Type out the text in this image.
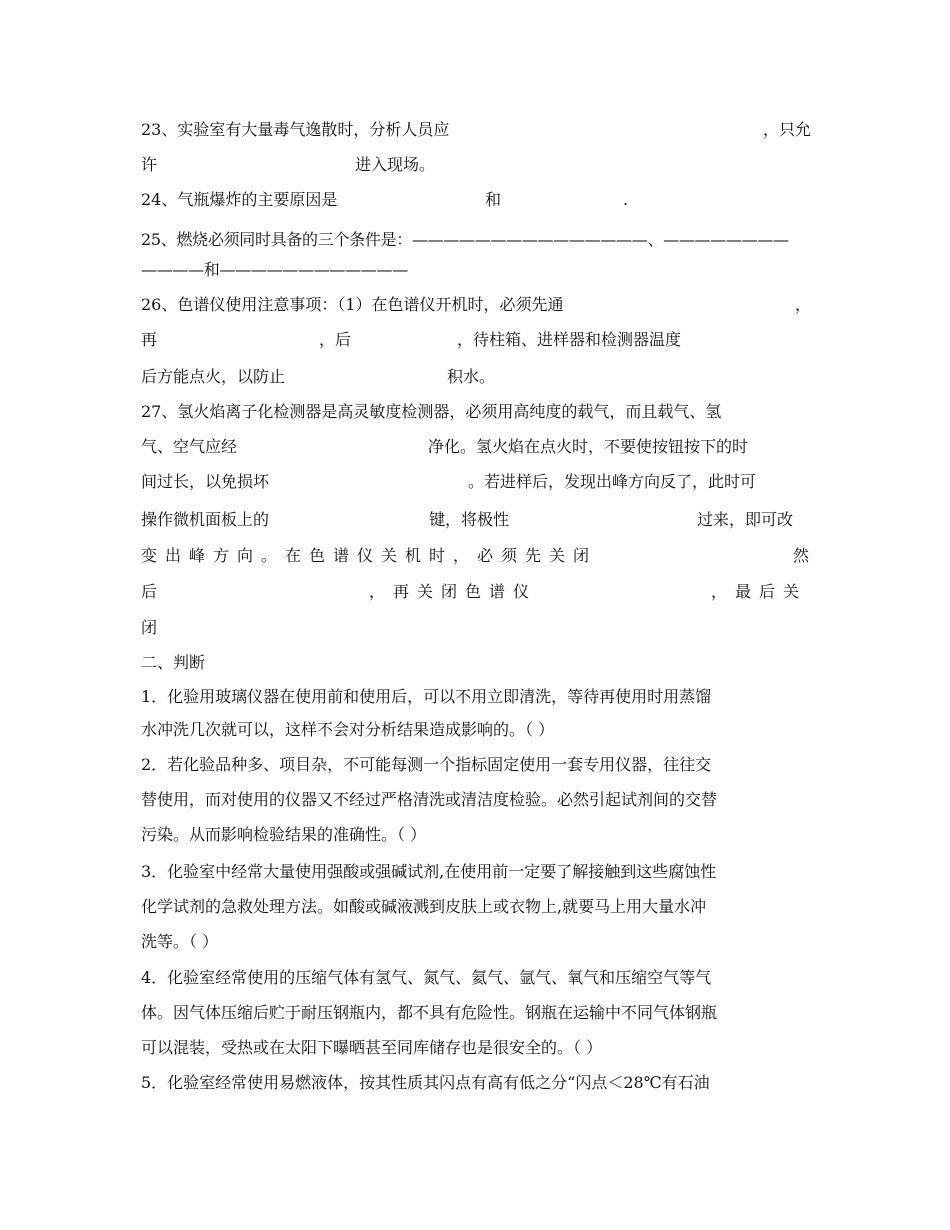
23、实验室有大量毒气逸散时，分析人员应	，只允

许

	进入现场。

24、气瓶爆炸的主要原因是

	和

	.

25、燃烧必须同时具备的三个条件是：———————————————、————————
————和————————————
26、色谱仪使用注意事项：（1）在色谱仪开机时，必须先通	，

再

	，后

	，待柱箱、进样器和检测器温度

后方能点火，以防止

	积水。

27、氢火焰离子化检测器是高灵敏度检测器，必须用高纯度的载气，而且载气、氢

气、空气应经

	净化。氢火焰在点火时，不要使按钮按下的时

间过长，以免损坏

	。若进样后，发现出峰方向反了，此时可

操作微机面板上的

	键，将极性

	过来，即可改

变出峰方向。在色谱仪关机时，必须先关闭

	然

后

	，再关闭色谱仪

	，最后关

闭
二、判断
1．化验用玻璃仪器在使用前和使用后，可以不用立即清洗，等待再使用时用蒸馏
水冲洗几次就可以，这样不会对分析结果造成影响的。（ ）
2．若化验品种多、项目杂，不可能每测一个指标固定使用一套专用仪器，往往交
替使用，而对使用的仪器又不经过严格清洗或清洁度检验。必然引起试剂间的交替
污染。从而影响检验结果的准确性。（ ）
3．化验室中经常大量使用强酸或强碱试剂,在使用前一定要了解接触到这些腐蚀性
化学试剂的急救处理方法。如酸或碱液溅到皮肤上或衣物上,就要马上用大量水冲
洗等。（ ）
4．化验室经常使用的压缩气体有氢气、氮气、氦气、氩气、氧气和压缩空气等气
体。因气体压缩后贮于耐压钢瓶内，都不具有危险性。钢瓶在运输中不同气体钢瓶
可以混装，受热或在太阳下曝晒甚至同库储存也是很安全的。（ ）
5．化验室经常使用易燃液体，按其性质其闪点有高有低之分“闪点＜28℃有石油
